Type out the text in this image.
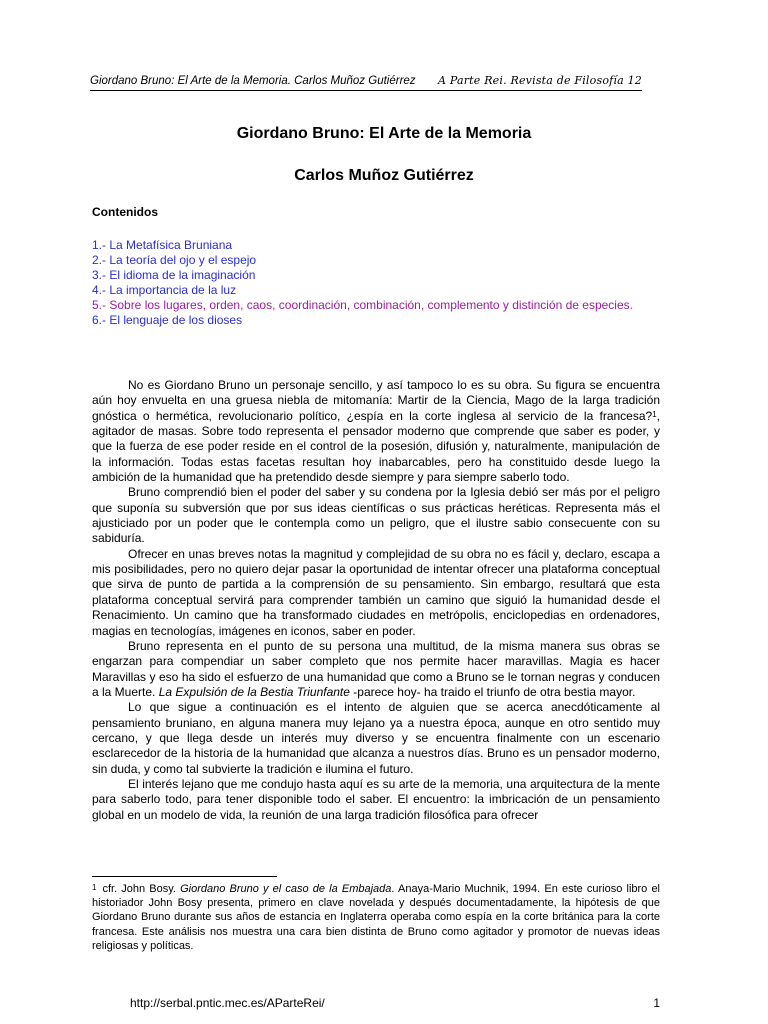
Giordano Bruno: El Arte de la Memoria. Carlos Muñoz Gutiérrez A Parte Rei. Revista de Filosofía 12
Giordano Bruno: El Arte de la Memoria
Carlos Muñoz Gutiérrez
Contenidos
1.- La Metafísica Bruniana
2.- La teoría del ojo y el espejo
3.- El idioma de la imaginación
4.- La importancia de la luz
5.- Sobre los lugares, orden, caos, coordinación, combinación, complemento y distinción de especies.
6.- El lenguaje de los dioses

No es Giordano Bruno un personaje sencillo, y así tampoco lo es su obra. Su figura se encuentra aún hoy envuelta en una gruesa niebla de mitomanía: Martir de la Ciencia, Mago de la larga tradición gnóstica o hermética, revolucionario político, ¿espía en la corte inglesa al servicio de la francesa?$^1$, agitador de masas. Sobre todo representa el pensador moderno que comprende que saber es poder, y que la fuerza de ese poder reside en el control de la posesión, difusión y, naturalmente, manipulación de la información. Todas estas facetas resultan hoy inabarcables, pero ha constituido desde luego la ambición de la humanidad que ha pretendido desde siempre y para siempre saberlo todo.

Bruno comprendió bien el poder del saber y su condena por la Iglesia debió ser más por el peligro que suponía su subversión que por sus ideas científicas o sus prácticas heréticas. Representa más el ajusticiado por un poder que le contempla como un peligro, que el ilustre sabio consecuente con su sabiduría.

Ofrecer en unas breves notas la magnitud y complejidad de su obra no es fácil y, declaro, escapa a mis posibilidades, pero no quiero dejar pasar la oportunidad de intentar ofrecer una plataforma conceptual que sirva de punto de partida a la comprensión de su pensamiento. Sin embargo, resultará que esta plataforma conceptual servirá para comprender también un camino que siguió la humanidad desde el Renacimiento. Un camino que ha transformado ciudades en metrópolis, enciclopedias en ordenadores, magias en tecnologías, imágenes en iconos, saber en poder.

Bruno representa en el punto de su persona una multitud, de la misma manera sus obras se engarzan para compendiar un saber completo que nos permite hacer maravillas. Magia es hacer Maravillas y eso ha sido el esfuerzo de una humanidad que como a Bruno se le tornan negras y conducen a la Muerte. La Expulsión de la Bestia Triunfante -parece hoy- ha traido el triunfo de otra bestia mayor.

Lo que sigue a continuación es el intento de alguien que se acerca anecdóticamente al pensamiento bruniano, en alguna manera muy lejano ya a nuestra época, aunque en otro sentido muy cercano, y que llega desde un interés muy diverso y se encuentra finalmente con un escenario esclarecedor de la historia de la humanidad que alcanza a nuestros días. Bruno es un pensador moderno, sin duda, y como tal subvierte la tradición e ilumina el futuro.

El interés lejano que me condujo hasta aquí es su arte de la memoria, una arquitectura de la mente para saberlo todo, para tener disponible todo el saber. El encuentro: la imbricación de un pensamiento global en un modelo de vida, la reunión de una larga tradición filosófica para ofrecer

$^1$ cfr. John Bosy. Giordano Bruno y el caso de la Embajada. Anaya-Mario Muchnik, 1994. En este curioso libro el historiador John Bosy presenta, primero en clave novelada y después documentadamente, la hipótesis de que Giordano Bruno durante sus años de estancia en Inglaterra operaba como espía en la corte británica para la corte francesa. Este análisis nos muestra una cara bien distinta de Bruno como agitador y promotor de nuevas ideas religiosas y políticas.
http://serbal.pntic.mec.es/AParteRei/	1
